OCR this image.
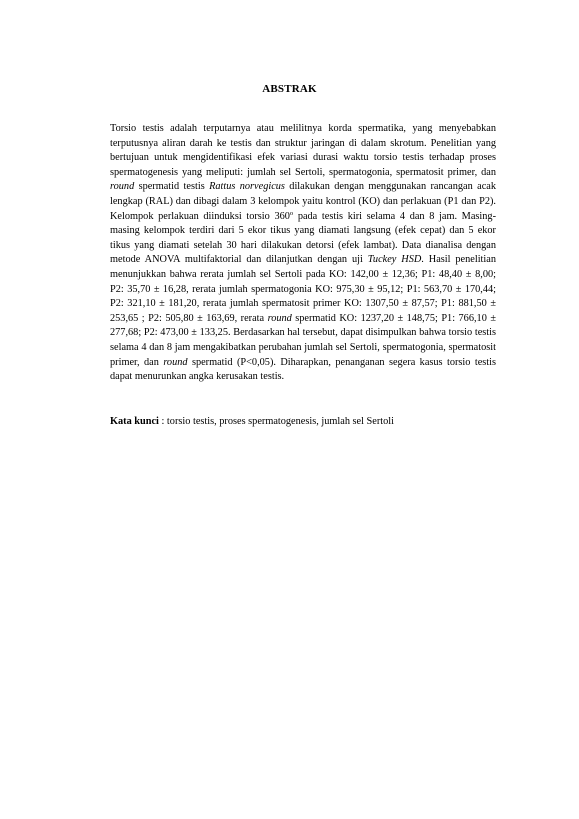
ABSTRAK

Torsio testis adalah terputarnya atau melilitnya korda spermatika, yang menyebabkan terputusnya aliran darah ke testis dan struktur jaringan di dalam skrotum. Penelitian yang bertujuan untuk mengidentifikasi efek variasi durasi waktu torsio testis terhadap proses spermatogenesis yang meliputi: jumlah sel Sertoli, spermatogonia, spermatosit primer, dan round spermatid testis Rattus norvegicus dilakukan dengan menggunakan rancangan acak lengkap (RAL) dan dibagi dalam 3 kelompok yaitu kontrol (KO) dan perlakuan (P1 dan P2). Kelompok perlakuan diinduksi torsio 360$^o$ pada testis kiri selama 4 dan 8 jam. Masing-masing kelompok terdiri dari 5 ekor tikus yang diamati langsung (efek cepat) dan 5 ekor tikus yang diamati setelah 30 hari dilakukan detorsi (efek lambat). Data dianalisa dengan metode ANOVA multifaktorial dan dilanjutkan dengan uji Tuckey HSD. Hasil penelitian menunjukkan bahwa rerata jumlah sel Sertoli pada KO: 142,00 ± 12,36; P1: 48,40 ± 8,00; P2: 35,70 ± 16,28, rerata jumlah spermatogonia KO: 975,30 ± 95,12; P1: 563,70 ± 170,44; P2: 321,10 ± 181,20, rerata jumlah spermatosit primer KO: 1307,50 ± 87,57; P1: 881,50 ± 253,65 ; P2: 505,80 ± 163,69, rerata round spermatid KO: 1237,20 ± 148,75; P1: 766,10 ± 277,68; P2: 473,00 ± 133,25. Berdasarkan hal tersebut, dapat disimpulkan bahwa torsio testis selama 4 dan 8 jam mengakibatkan perubahan jumlah sel Sertoli, spermatogonia, spermatosit primer, dan round spermatid (P<0,05). Diharapkan, penanganan segera kasus torsio testis dapat menurunkan angka kerusakan testis.

Kata kunci : torsio testis, proses spermatogenesis, jumlah sel Sertoli
